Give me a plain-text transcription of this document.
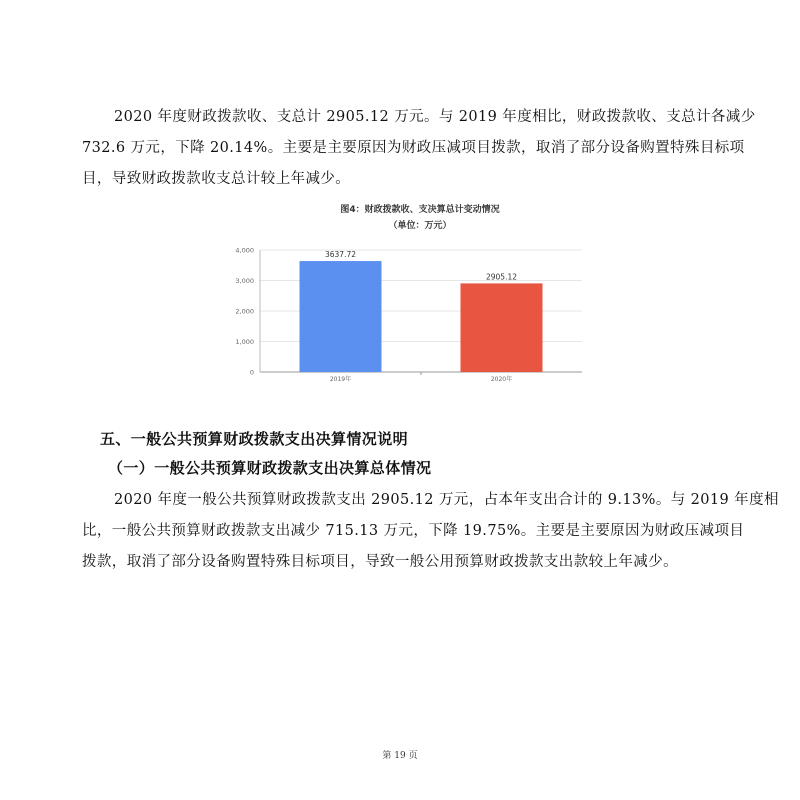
2020 年度财政拨款收、支总计 2905.12 万元。与 2019 年度相比，财政拨款收、支总计各减少
732.6 万元，下降 20.14%。主要是主要原因为财政压减项目拨款，取消了部分设备购置特殊目标项
目，导致财政拨款收支总计较上年减少。

图4：财政拨款收、支决算总计变动情况
（单位：万元）
0
1,000
2,000
3,000
4,000	3637.72
2905.12
2019年	2020年
五、一般公共预算财政拨款支出决算情况说明
（一）一般公共预算财政拨款支出决算总体情况

2020 年度一般公共预算财政拨款支出 2905.12 万元，占本年支出合计的 9.13%。与 2019 年度相
比，一般公共预算财政拨款支出减少 715.13 万元，下降 19.75%。主要是主要原因为财政压减项目
拨款，取消了部分设备购置特殊目标项目，导致一般公用预算财政拨款支出款较上年减少。

第 19 页
